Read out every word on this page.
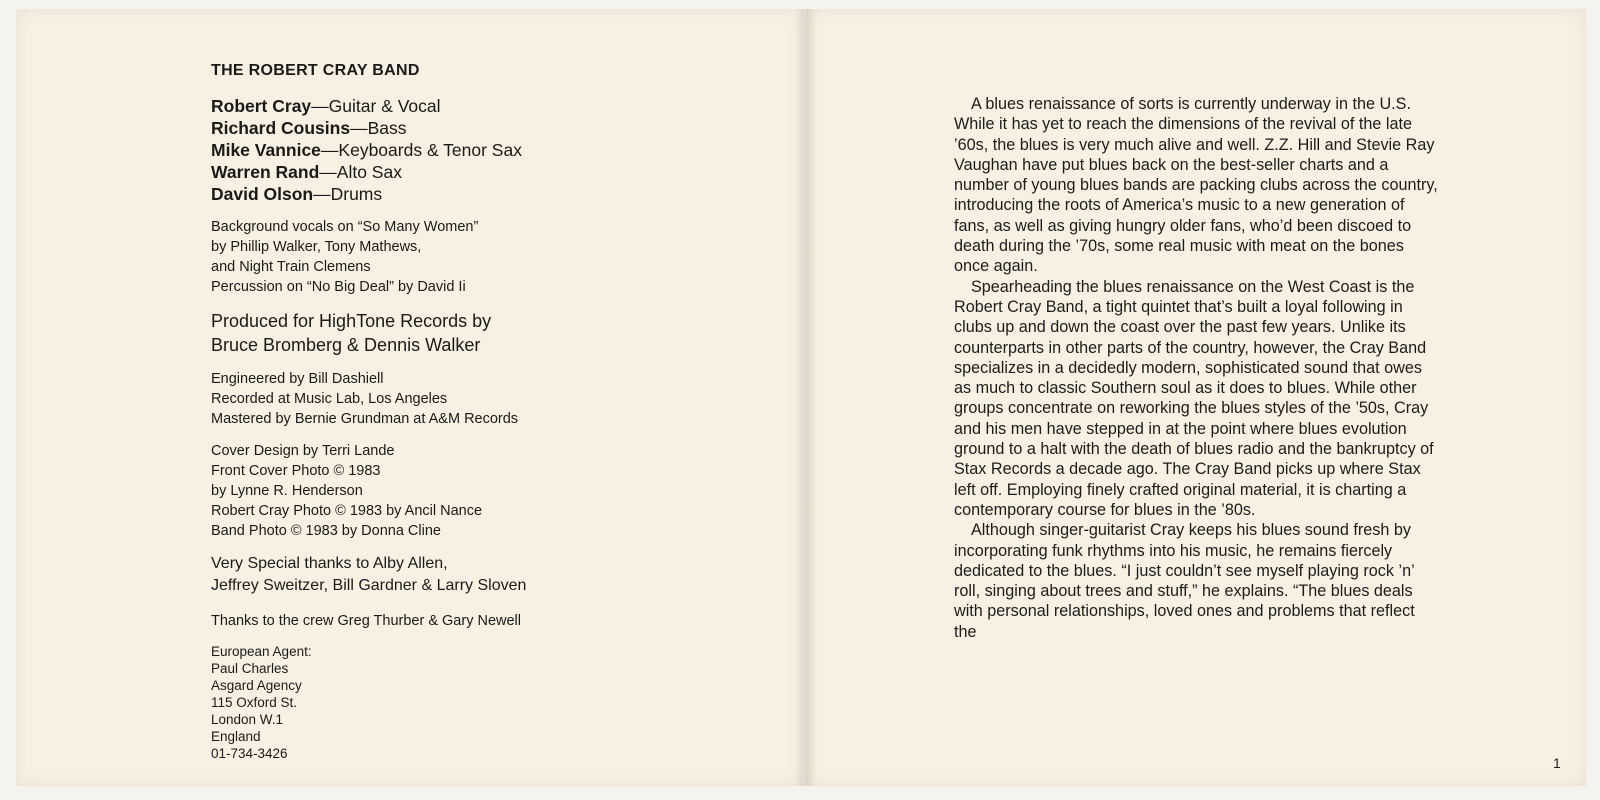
THE ROBERT CRAY BAND
Robert Cray—Guitar & Vocal
Richard Cousins—Bass
Mike Vannice—Keyboards & Tenor Sax
Warren Rand—Alto Sax
David Olson—Drums
Background vocals on “So Many Women”
by Phillip Walker, Tony Mathews,
and Night Train Clemens
Percussion on “No Big Deal” by David Ii
Produced for HighTone Records by
Bruce Bromberg & Dennis Walker
Engineered by Bill Dashiell
Recorded at Music Lab, Los Angeles
Mastered by Bernie Grundman at A&M Records
Cover Design by Terri Lande
Front Cover Photo © 1983
by Lynne R. Henderson
Robert Cray Photo © 1983 by Ancil Nance
Band Photo © 1983 by Donna Cline
Very Special thanks to Alby Allen,
Jeffrey Sweitzer, Bill Gardner & Larry Sloven
Thanks to the crew Greg Thurber & Gary Newell
European Agent:
Paul Charles
Asgard Agency
115 Oxford St.
London W.1
England
01-734-3426

A blues renaissance of sorts is currently underway in the U.S. While it has yet to reach the dimensions of the revival of the late ’60s, the blues is very much alive and well. Z.Z. Hill and Stevie Ray Vaughan have put blues back on the best-seller charts and a number of young blues bands are packing clubs across the country, introducing the roots of America’s music to a new generation of fans, as well as giving hungry older fans, who’d been discoed to death during the ’70s, some real music with meat on the bones once again.

Spearheading the blues renaissance on the West Coast is the Robert Cray Band, a tight quintet that’s built a loyal following in clubs up and down the coast over the past few years. Unlike its counterparts in other parts of the country, however, the Cray Band specializes in a decidedly modern, sophisticated sound that owes as much to classic Southern soul as it does to blues. While other groups concentrate on reworking the blues styles of the ’50s, Cray and his men have stepped in at the point where blues evolution ground to a halt with the death of blues radio and the bankruptcy of Stax Records a decade ago. The Cray Band picks up where Stax left off. Employing finely crafted original material, it is charting a contemporary course for blues in the ’80s.

Although singer-guitarist Cray keeps his blues sound fresh by incorporating funk rhythms into his music, he remains fiercely dedicated to the blues. “I just couldn’t see myself playing rock ’n’ roll, singing about trees and stuff,” he explains. “The blues deals with personal relationships, loved ones and problems that reflect the

1
